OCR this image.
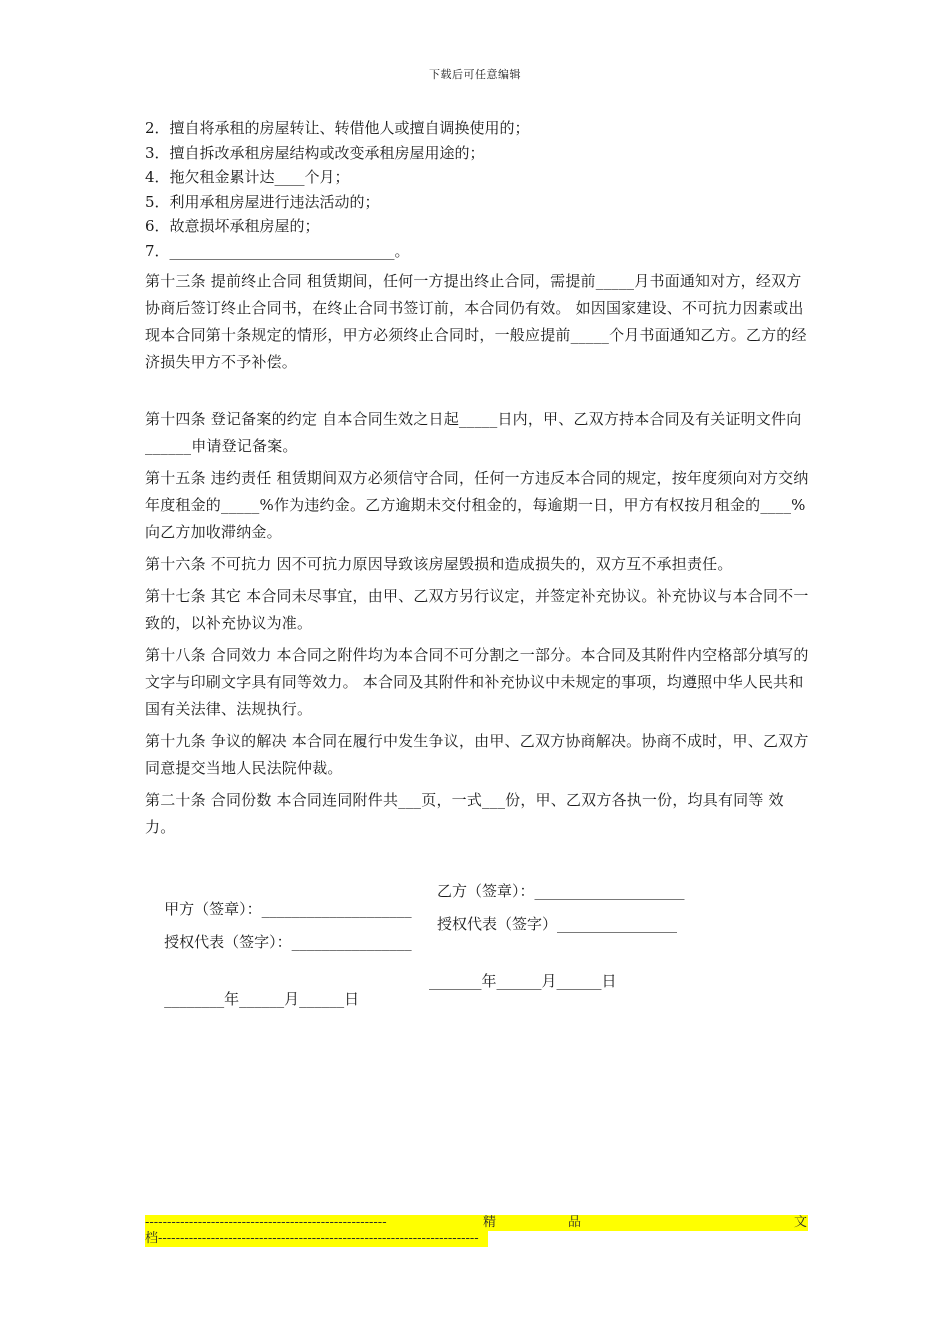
下载后可任意编辑
2．擅自将承租的房屋转让、转借他人或擅自调换使用的；
3．擅自拆改承租房屋结构或改变承租房屋用途的；
4．拖欠租金累计达____个月；
5．利用承租房屋进行违法活动的；
6．故意损坏承租房屋的；
7．______________________________。
第十三条 提前终止合同 租赁期间，任何一方提出终止合同，需提前_____月书面通知对方，经双方协商后签订终止合同书，在终止合同书签订前，本合同仍有效。 如因国家建设、不可抗力因素或出现本合同第十条规定的情形，甲方必须终止合同时，一般应提前_____个月书面通知乙方。乙方的经济损失甲方不予补偿。
第十四条 登记备案的约定 自本合同生效之日起_____日内，甲、乙双方持本合同及有关证明文件向______申请登记备案。
第十五条 违约责任 租赁期间双方必须信守合同，任何一方违反本合同的规定，按年度须向对方交纳年度租金的_____%作为违约金。乙方逾期未交付租金的，每逾期一日，甲方有权按月租金的____%向乙方加收滞纳金。
第十六条 不可抗力 因不可抗力原因导致该房屋毁损和造成损失的，双方互不承担责任。
第十七条 其它 本合同未尽事宜，由甲、乙双方另行议定，并签定补充协议。补充协议与本合同不一致的，以补充协议为准。
第十八条 合同效力 本合同之附件均为本合同不可分割之一部分。本合同及其附件内空格部分填写的文字与印刷文字具有同等效力。 本合同及其附件和补充协议中未规定的事项，均遵照中华人民共和国有关法律、法规执行。
第十九条 争议的解决 本合同在履行中发生争议，由甲、乙双方协商解决。协商不成时，甲、乙双方同意提交当地人民法院仲裁。
第二十条 合同份数 本合同连同附件共___页，一式___份，甲、乙双方各执一份，均具有同等 效力。

甲方（签章）：____________________

乙方（签章）：____________________

授权代表（签字）：________________

授权代表（签字）________________

________年______月______日

_______年______月______日

-------------------------------------------------------	精	品	文
档-------------------------------------------------------------------------
